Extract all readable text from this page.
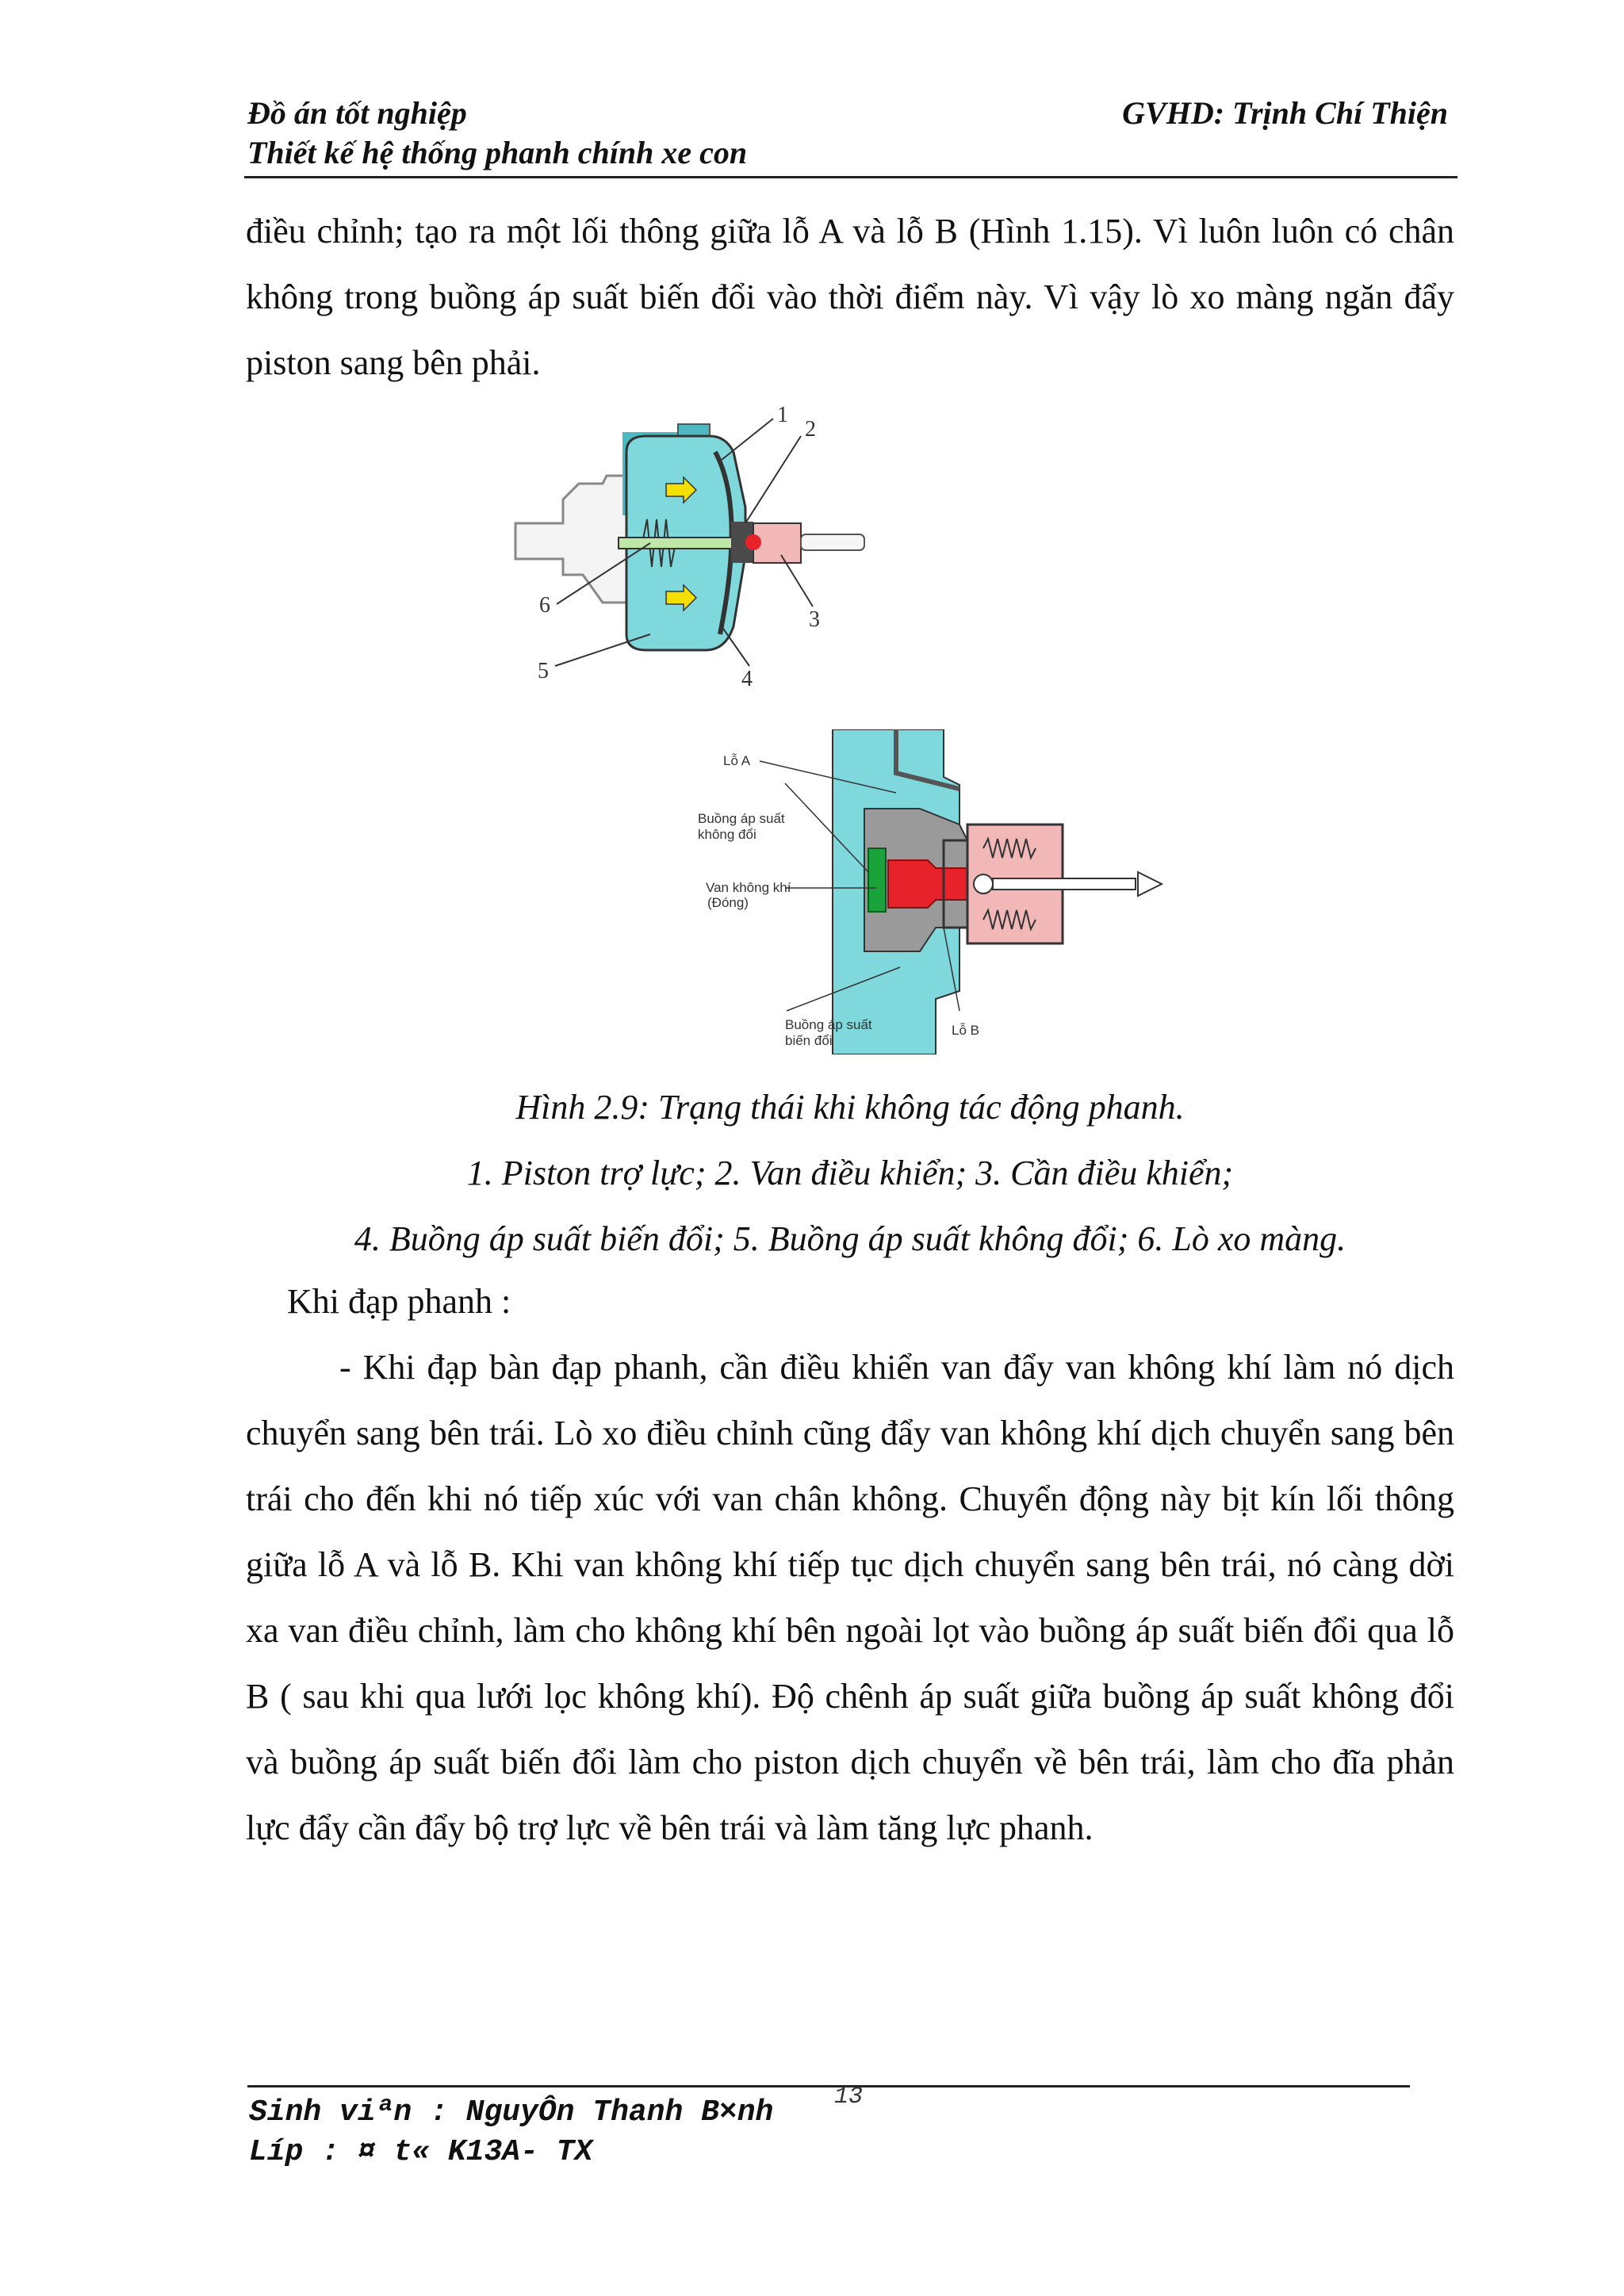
Đồ án tốt nghiệp
Thiết kế hệ thống phanh chính xe con
GVHD: Trịnh Chí Thiện

điều chỉnh; tạo ra một lối thông giữa lỗ A và lỗ B (Hình 1.15). Vì luôn luôn có chân không trong buồng áp suất biến đổi vào thời điểm này. Vì vậy lò xo màng ngăn đẩy piston sang bên phải.

1
2
3
4
5
6
Lỗ A
Buồng áp suất
không đổi
Van không khí
(Đóng)
Buồng áp suất
biến đổi
Lỗ B
Hình 2.9: Trạng thái khi không tác động phanh.
1. Piston trợ lực; 2. Van điều khiển; 3. Cần điều khiển;
4. Buồng áp suất biến đổi; 5. Buồng áp suất không đổi; 6. Lò xo màng.

Khi đạp phanh :

- Khi đạp bàn đạp phanh, cần điều khiển van đẩy van không khí làm nó dịch chuyển sang bên trái. Lò xo điều chỉnh cũng đẩy van không khí dịch chuyển sang bên trái cho đến khi nó tiếp xúc với van chân không. Chuyển động này bịt kín lối thông giữa lỗ A và lỗ B. Khi van không khí tiếp tục dịch chuyển sang bên trái, nó càng dời xa van điều chỉnh, làm cho không khí bên ngoài lọt vào buồng áp suất biến đổi qua lỗ B ( sau khi qua lưới lọc không khí). Độ chênh áp suất giữa buồng áp suất không đổi và buồng áp suất biến đổi làm cho piston dịch chuyển về bên trái, làm cho đĩa phản lực đẩy cần đẩy bộ trợ lực về bên trái và làm tăng lực phanh.

Sinh viªn : NguyÔn Thanh B×nh
Líp : ¤ t« K13A- TX
13
